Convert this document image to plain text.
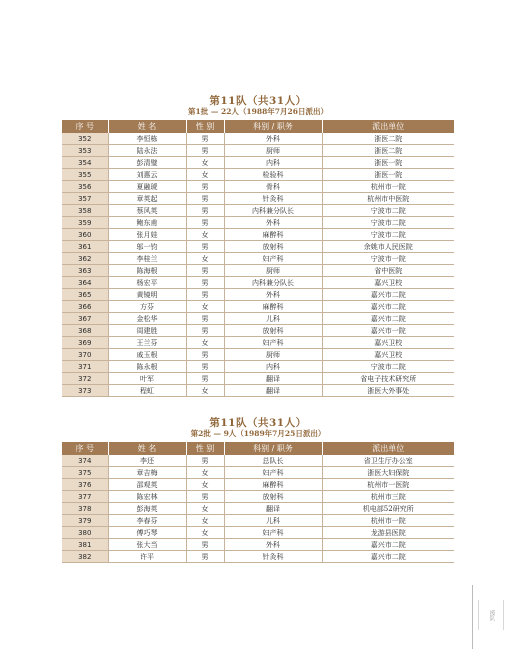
第11队（共31人）
第1批 — 22人（1988年7月26日派出）
序 号	姓 名	性 别	科别 / 职务	派出单位
352	李恒栋	男	外科	浙医二院
353	陆永法	男	厨师	浙医二院
354	彭清璧	女	内科	浙医一院
355	刘惠云	女	检验科	浙医一院
356	夏融琥	男	骨科	杭州市一院
357	章英起	男	针灸科	杭州市中医院
358	蔡风英	男	内科兼分队长	宁波市二院
359	鲍东甫	男	外科	宁波市二院
360	张月娃	女	麻醉科	宁波市二院
361	邬一钧	男	放射科	余姚市人民医院
362	李桂兰	女	妇产科	宁波市一院
363	陈海根	男	厨师	省中医院
364	杨宏平	男	内科兼分队长	嘉兴卫校
365	黄镜明	男	外科	嘉兴市二院
366	方芬	女	麻醉科	嘉兴市二院
367	金松华	男	儿科	嘉兴市二院
368	周建胜	男	放射科	嘉兴市一院
369	王兰芬	女	妇产科	嘉兴卫校
370	戚玉根	男	厨师	嘉兴卫校
371	陈永根	男	内科	宁波市二院
372	叶军	男	翻译	省电子技术研究所
373	程虹	女	翻译	浙医大外事处
第11队（共31人）
第2批 — 9人（1989年7月25日派出）
序 号	姓 名	性 别	科别 / 职务	派出单位
374	李还	男	总队长	省卫生厅办公室
375	章吉梅	女	妇产科	浙医大妇保院
376	邵观英	女	麻醉科	杭州市一医院
377	陈宏林	男	放射科	杭州市三院
378	彭海英	女	翻译	机电部52研究所
379	李春芬	女	儿科	杭州市一院
380	傅巧琴	女	妇产科	龙游县医院
381	张大当	男	外科	嘉兴市二院
382	许平	男	针灸科	嘉兴市二院
援队
